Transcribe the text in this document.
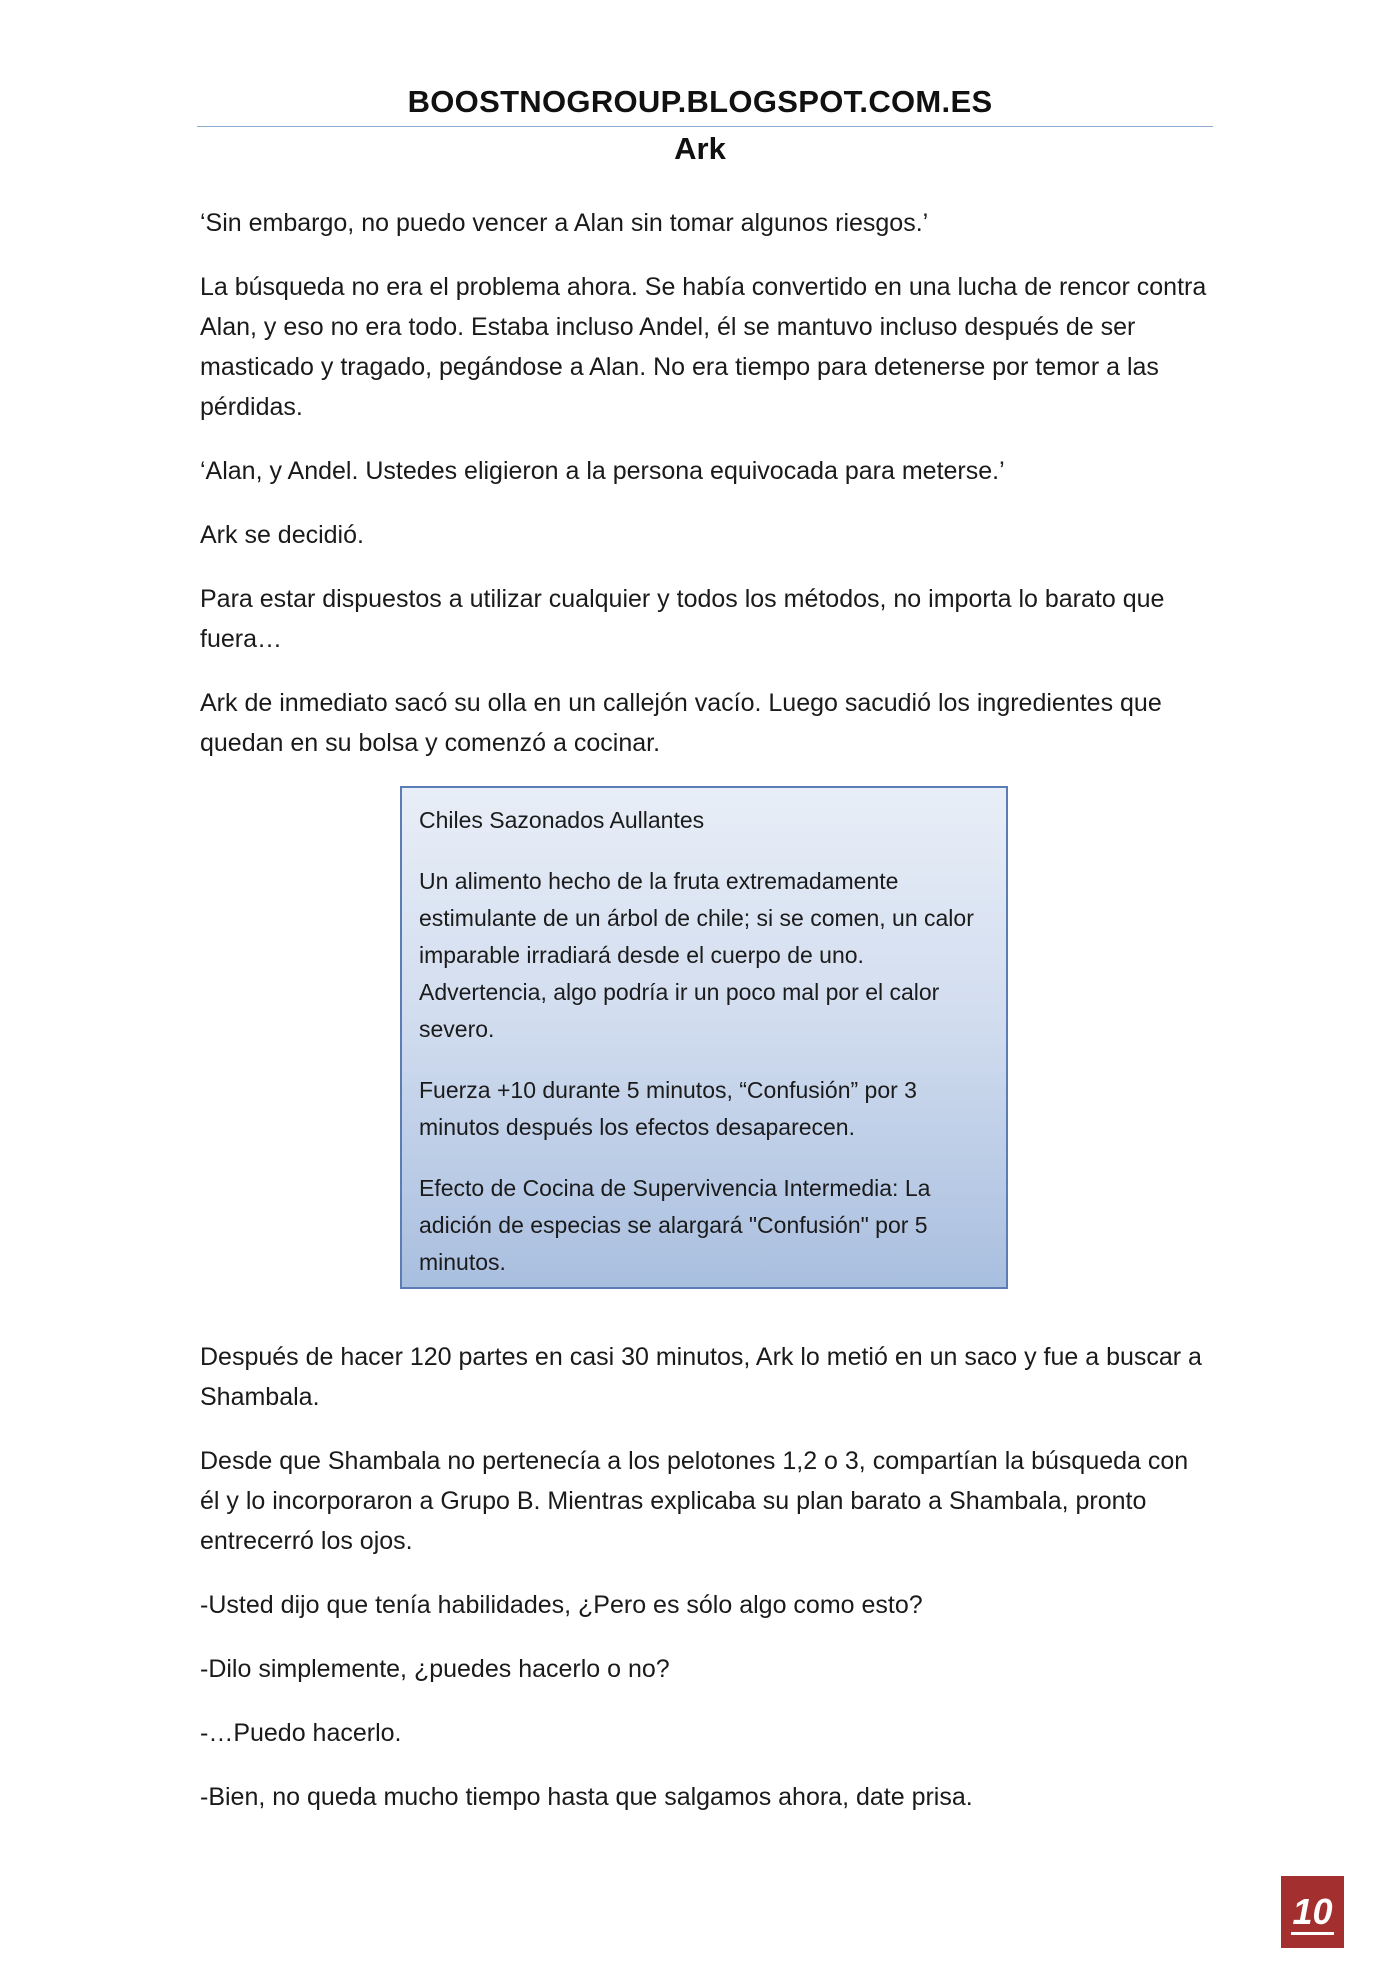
BOOSTNOGROUP.BLOGSPOT.COM.ES
Ark

‘Sin embargo, no puedo vencer a Alan sin tomar algunos riesgos.’

La búsqueda no era el problema ahora. Se había convertido en una lucha de rencor contra Alan, y eso no era todo. Estaba incluso Andel, él se mantuvo incluso después de ser masticado y tragado, pegándose a Alan. No era tiempo para detenerse por temor a las pérdidas.

‘Alan, y Andel. Ustedes eligieron a la persona equivocada para meterse.’

Ark se decidió.

Para estar dispuestos a utilizar cualquier y todos los métodos, no importa lo barato que fuera…

Ark de inmediato sacó su olla en un callejón vacío. Luego sacudió los ingredientes que quedan en su bolsa y comenzó a cocinar.

Chiles Sazonados Aullantes

Un alimento hecho de la fruta extremadamente estimulante de un árbol de chile; si se comen, un calor imparable irradiará desde el cuerpo de uno. Advertencia, algo podría ir un poco mal por el calor severo.

Fuerza +10 durante 5 minutos, “Confusión” por 3 minutos después los efectos desaparecen.

Efecto de Cocina de Supervivencia Intermedia: La adición de especias se alargará "Confusión" por 5 minutos.

Después de hacer 120 partes en casi 30 minutos, Ark lo metió en un saco y fue a buscar a Shambala.

Desde que Shambala no pertenecía a los pelotones 1,2 o 3, compartían la búsqueda con él y lo incorporaron a Grupo B. Mientras explicaba su plan barato a Shambala, pronto entrecerró los ojos.

-Usted dijo que tenía habilidades, ¿Pero es sólo algo como esto?

-Dilo simplemente, ¿puedes hacerlo o no?

-…Puedo hacerlo.

-Bien, no queda mucho tiempo hasta que salgamos ahora, date prisa.

10
